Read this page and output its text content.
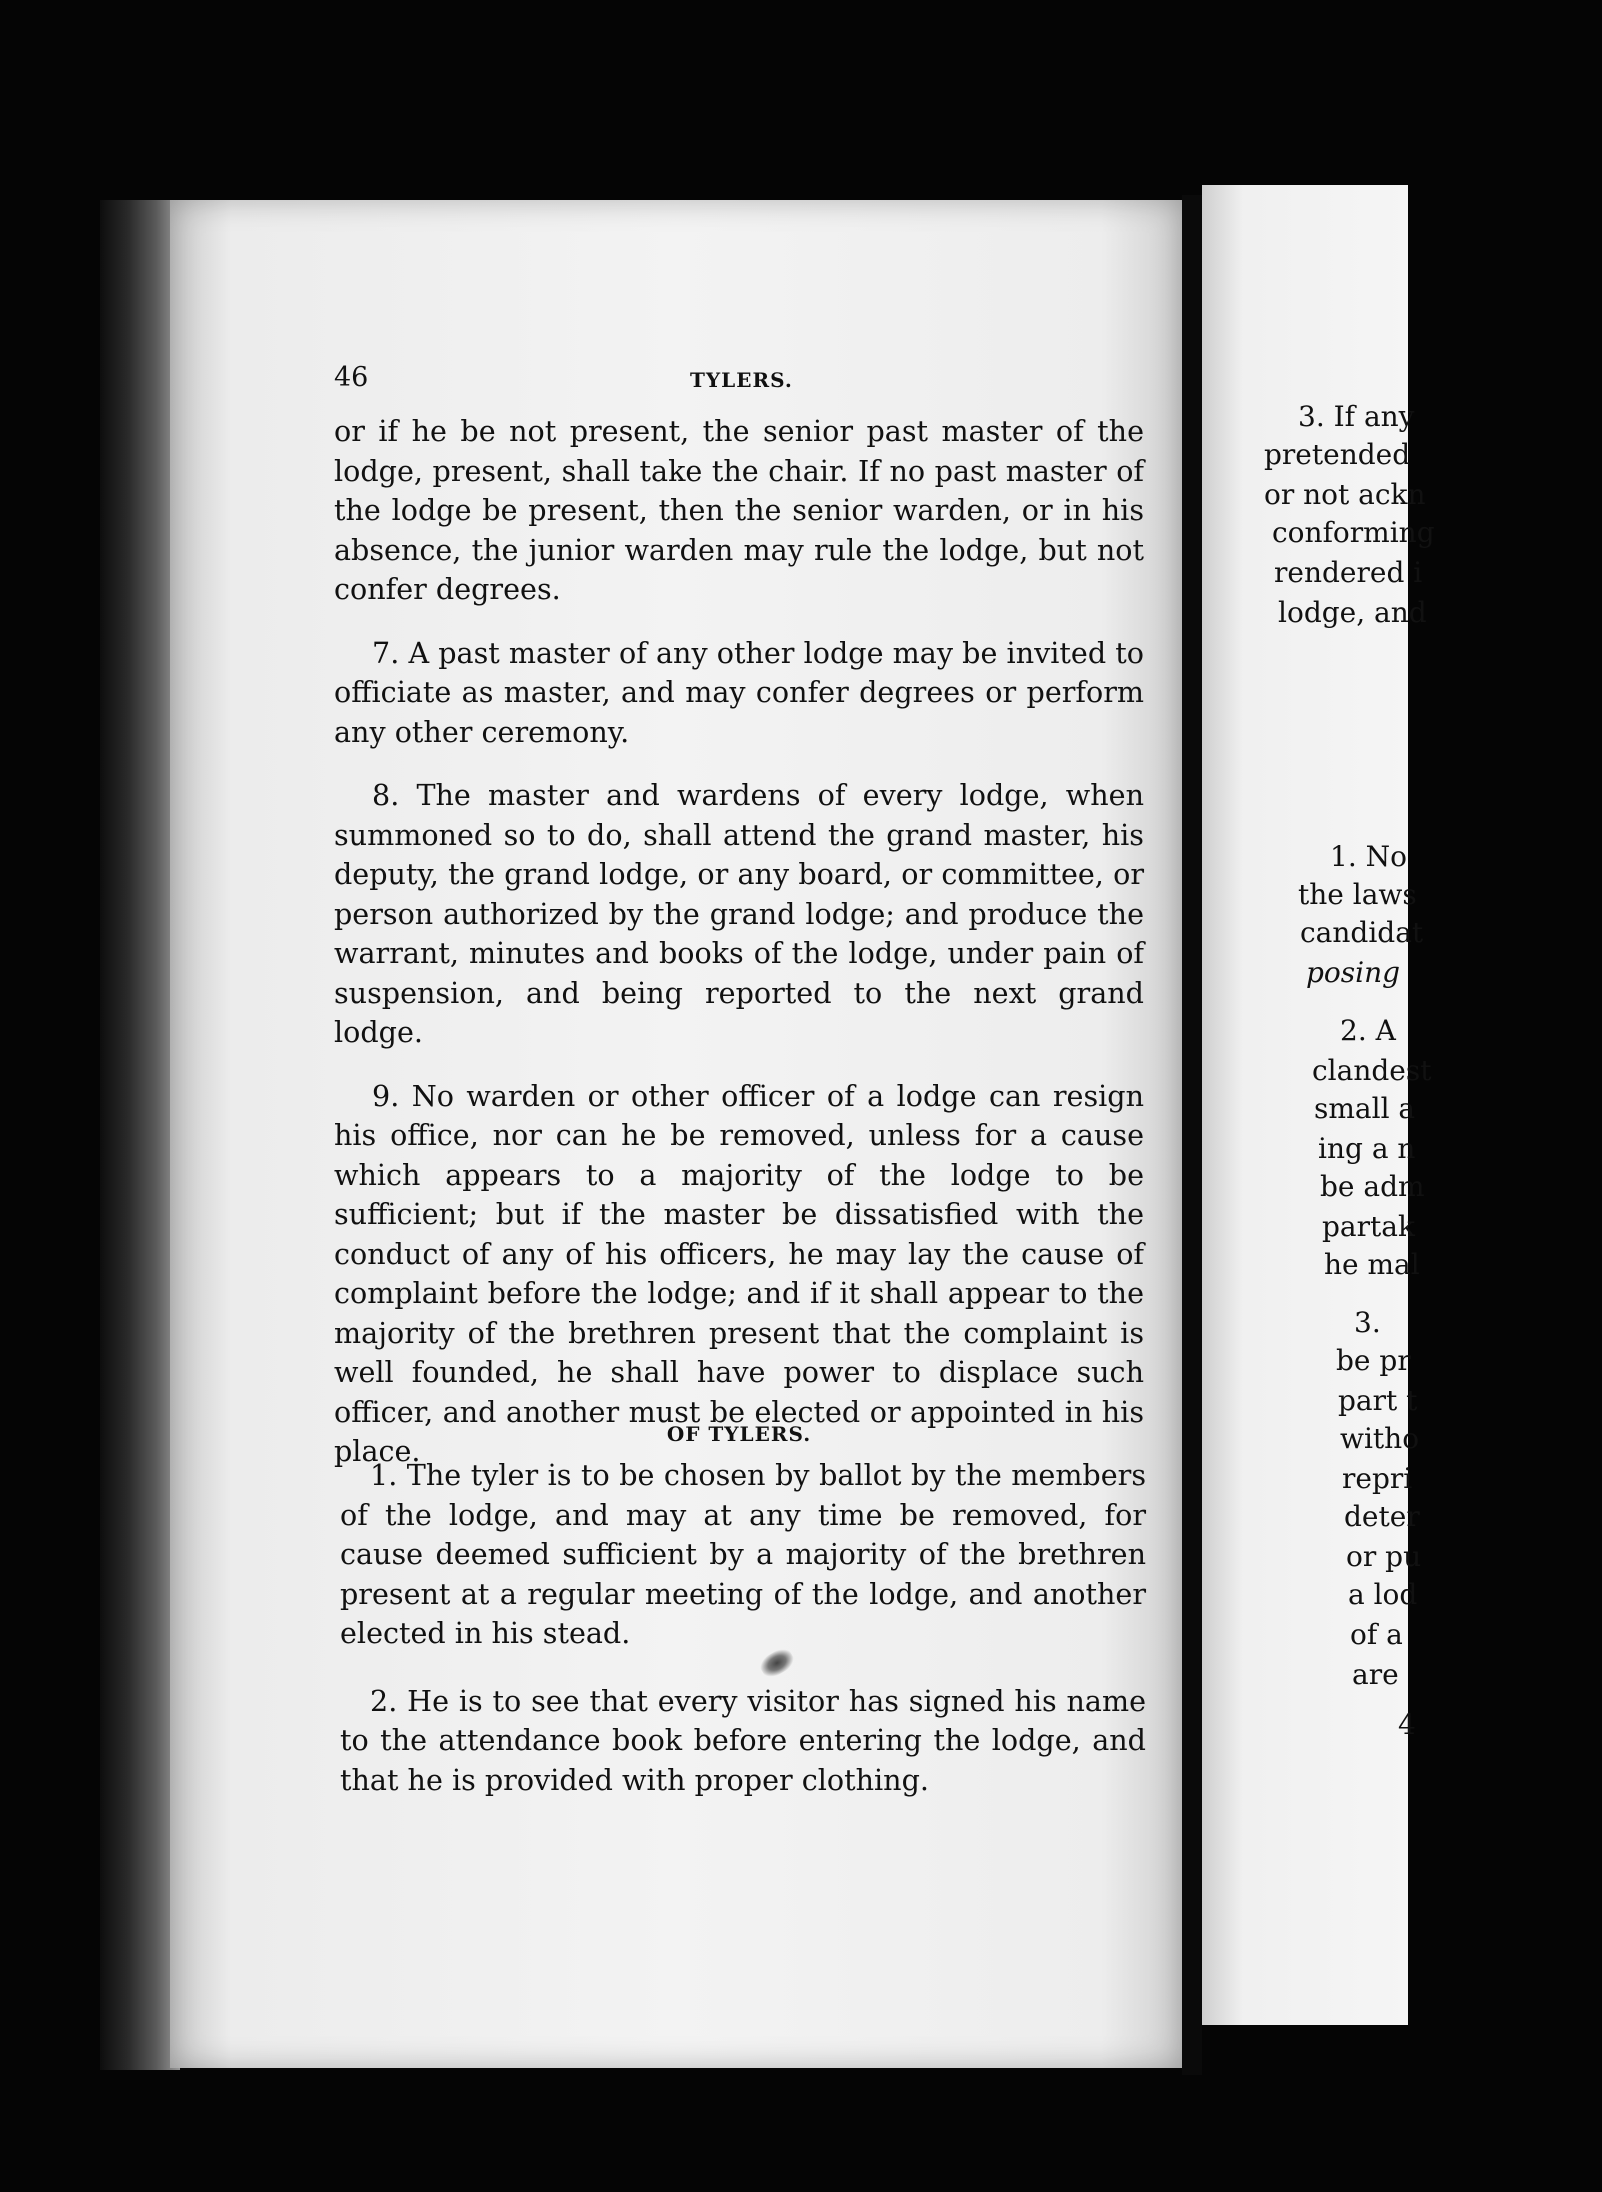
3. If any
pretended
or not ackn
conforming
rendered i
lodge, and
1. No
the laws
candidat
posing
2. A
clandest
small a
ing a n
be adm
partak
he mal
3.
be pr
part t
witho
repri
deter
or pu
a lod
of a
are
4
46	TYLERS.

or if he be not present, the senior past master of the lodge, present, shall take the chair. If no past master of the lodge be present, then the senior warden, or in his absence, the junior warden may rule the lodge, but not confer degrees.

7. A past master of any other lodge may be invited to officiate as master, and may confer degrees or perform any other ceremony.

8. The master and wardens of every lodge, when summoned so to do, shall attend the grand master, his deputy, the grand lodge, or any board, or committee, or person authorized by the grand lodge; and produce the warrant, minutes and books of the lodge, under pain of suspension, and being reported to the next grand lodge.

9. No warden or other officer of a lodge can resign his office, nor can he be removed, unless for a cause which appears to a majority of the lodge to be sufficient; but if the master be dissatisfied with the conduct of any of his officers, he may lay the cause of complaint before the lodge; and if it shall appear to the majority of the brethren present that the complaint is well founded, he shall have power to displace such officer, and another must be elected or appointed in his place.	OF TYLERS.

1. The tyler is to be chosen by ballot by the members of the lodge, and may at any time be removed, for cause deemed sufficient by a majority of the brethren present at a regular meeting of the lodge, and another elected in his stead.

2. He is to see that every visitor has signed his name to the attendance book before entering the lodge, and that he is provided with proper clothing.
